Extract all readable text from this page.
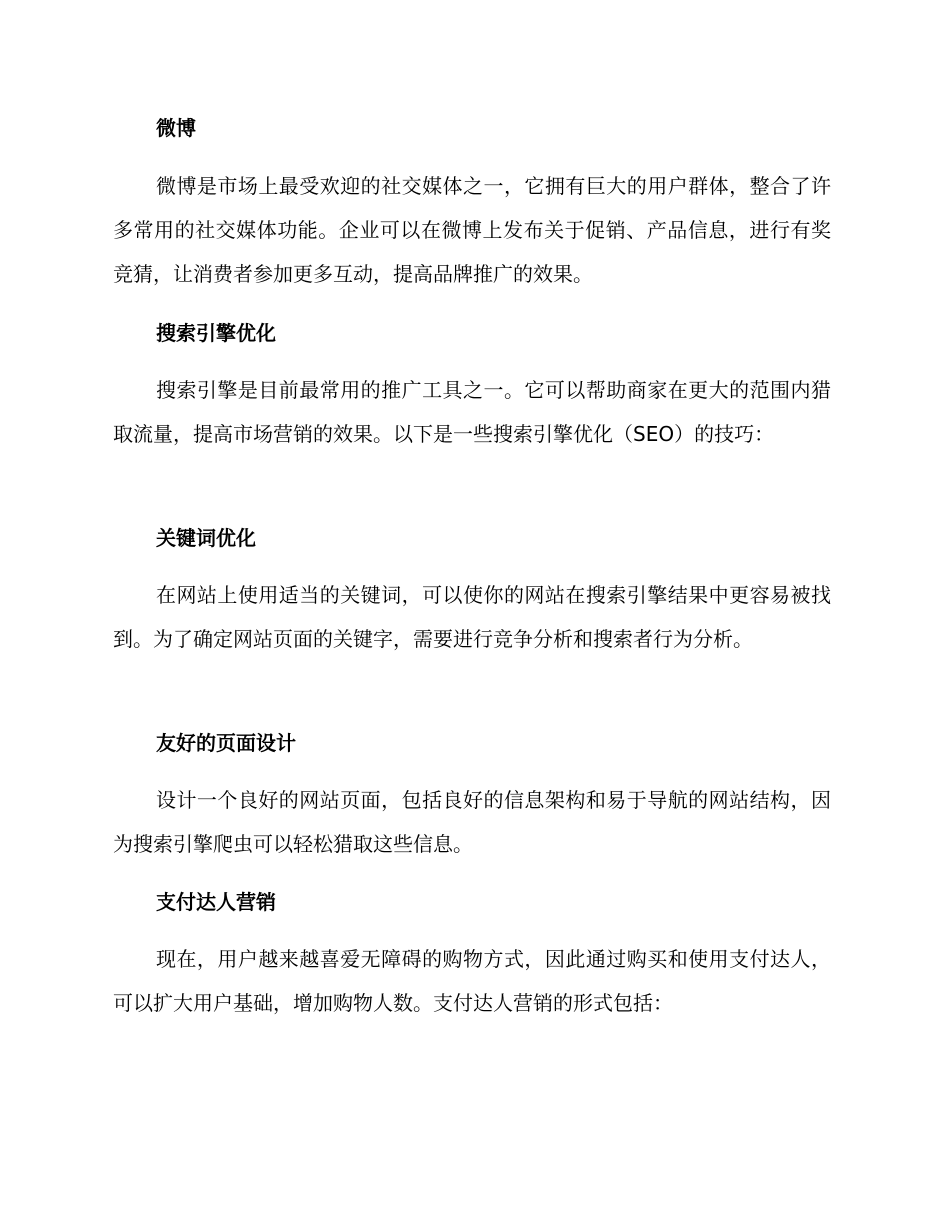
微博

微博是市场上最受欢迎的社交媒体之一，它拥有巨大的用户群体，整合了许多常用的社交媒体功能。企业可以在微博上发布关于促销、产品信息，进行有奖竞猜，让消费者参加更多互动，提高品牌推广的效果。

搜索引擎优化

搜索引擎是目前最常用的推广工具之一。它可以帮助商家在更大的范围内猎取流量，提高市场营销的效果。以下是一些搜索引擎优化（SEO）的技巧：

关键词优化

在网站上使用适当的关键词，可以使你的网站在搜索引擎结果中更容易被找到。为了确定网站页面的关键字，需要进行竞争分析和搜索者行为分析。

友好的页面设计

设计一个良好的网站页面，包括良好的信息架构和易于导航的网站结构，因为搜索引擎爬虫可以轻松猎取这些信息。

支付达人营销

现在，用户越来越喜爱无障碍的购物方式，因此通过购买和使用支付达人，可以扩大用户基础，增加购物人数。支付达人营销的形式包括：
